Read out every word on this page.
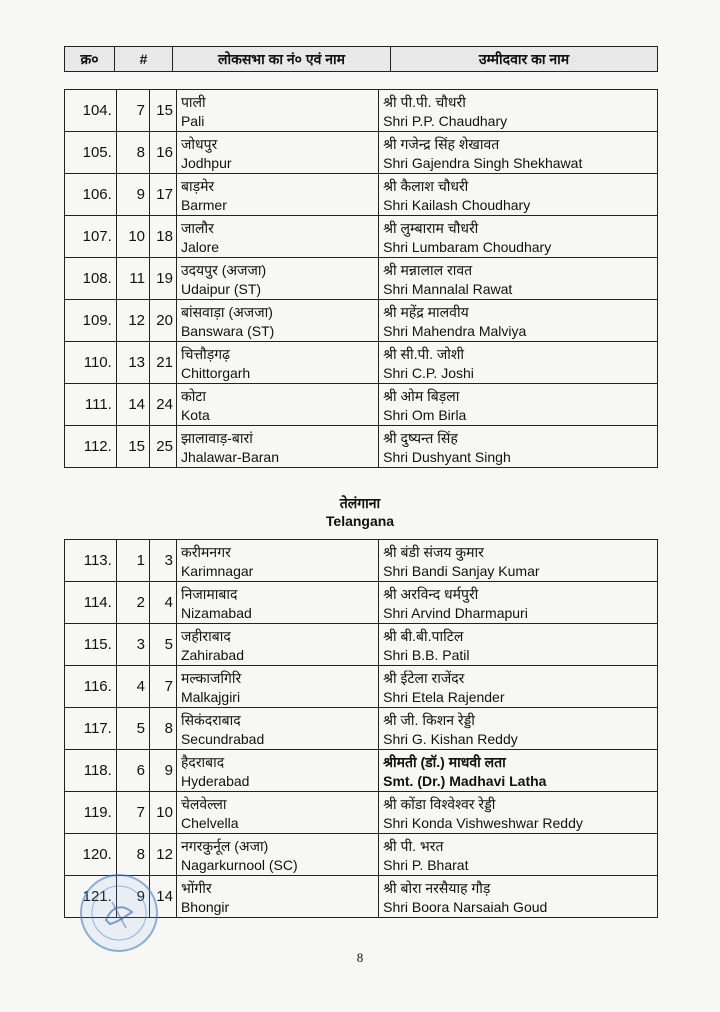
क्र०	#	लोकसभा का नं० एवं नाम	उम्मीदवार का नाम
104.	7	15	पाली
Pali	श्री पी.पी. चौधरी
Shri P.P. Chaudhary

105.	8	16	जोधपुर
Jodhpur	श्री गजेन्द्र सिंह शेखावत
Shri Gajendra Singh Shekhawat

106.	9	17	बाड़मेर
Barmer	श्री कैलाश चौधरी
Shri Kailash Choudhary

107.	10	18	जालौर
Jalore	श्री लुम्बाराम चौधरी
Shri Lumbaram Choudhary

108.	11	19	उदयपुर (अजजा)
Udaipur (ST)	श्री मन्नालाल रावत
Shri Mannalal Rawat

109.	12	20	बांसवाड़ा (अजजा)
Banswara (ST)	श्री महेंद्र मालवीय
Shri Mahendra Malviya

110.	13	21	चित्तौड़गढ़
Chittorgarh	श्री सी.पी. जोशी
Shri C.P. Joshi

111.	14	24	कोटा
Kota	श्री ओम बिड़ला
Shri Om Birla

112.	15	25	झालावाड़-बारां
Jhalawar-Baran	श्री दुष्यन्त सिंह
Shri Dushyant Singh
तेलंगाना
Telangana
113.	1	3	करीमनगर
Karimnagar	श्री बंडी संजय कुमार
Shri Bandi Sanjay Kumar

114.	2	4	निजामाबाद
Nizamabad	श्री अरविन्द धर्मपुरी
Shri Arvind Dharmapuri

115.	3	5	जहीराबाद
Zahirabad	श्री बी.बी.पाटिल
Shri B.B. Patil

116.	4	7	मल्काजगिरि
Malkajgiri	श्री ईटेला राजेंदर
Shri Etela Rajender

117.	5	8	सिकंदराबाद
Secundrabad	श्री जी. किशन रेड्डी
Shri G. Kishan Reddy

118.	6	9	हैदराबाद
Hyderabad	श्रीमती (डॉ.) माधवी लता
Smt. (Dr.) Madhavi Latha

119.	7	10	चेलवेल्ला
Chelvella	श्री कोंडा विश्वेश्वर रेड्डी
Shri Konda Vishweshwar Reddy

120.	8	12	नगरकुर्नूल (अजा)
Nagarkurnool (SC)	श्री पी. भरत
Shri P. Bharat

121.	9	14	भोंगीर
Bhongir	श्री बोरा नरसैयाह गौड़
Shri Boora Narsaiah Goud
8
